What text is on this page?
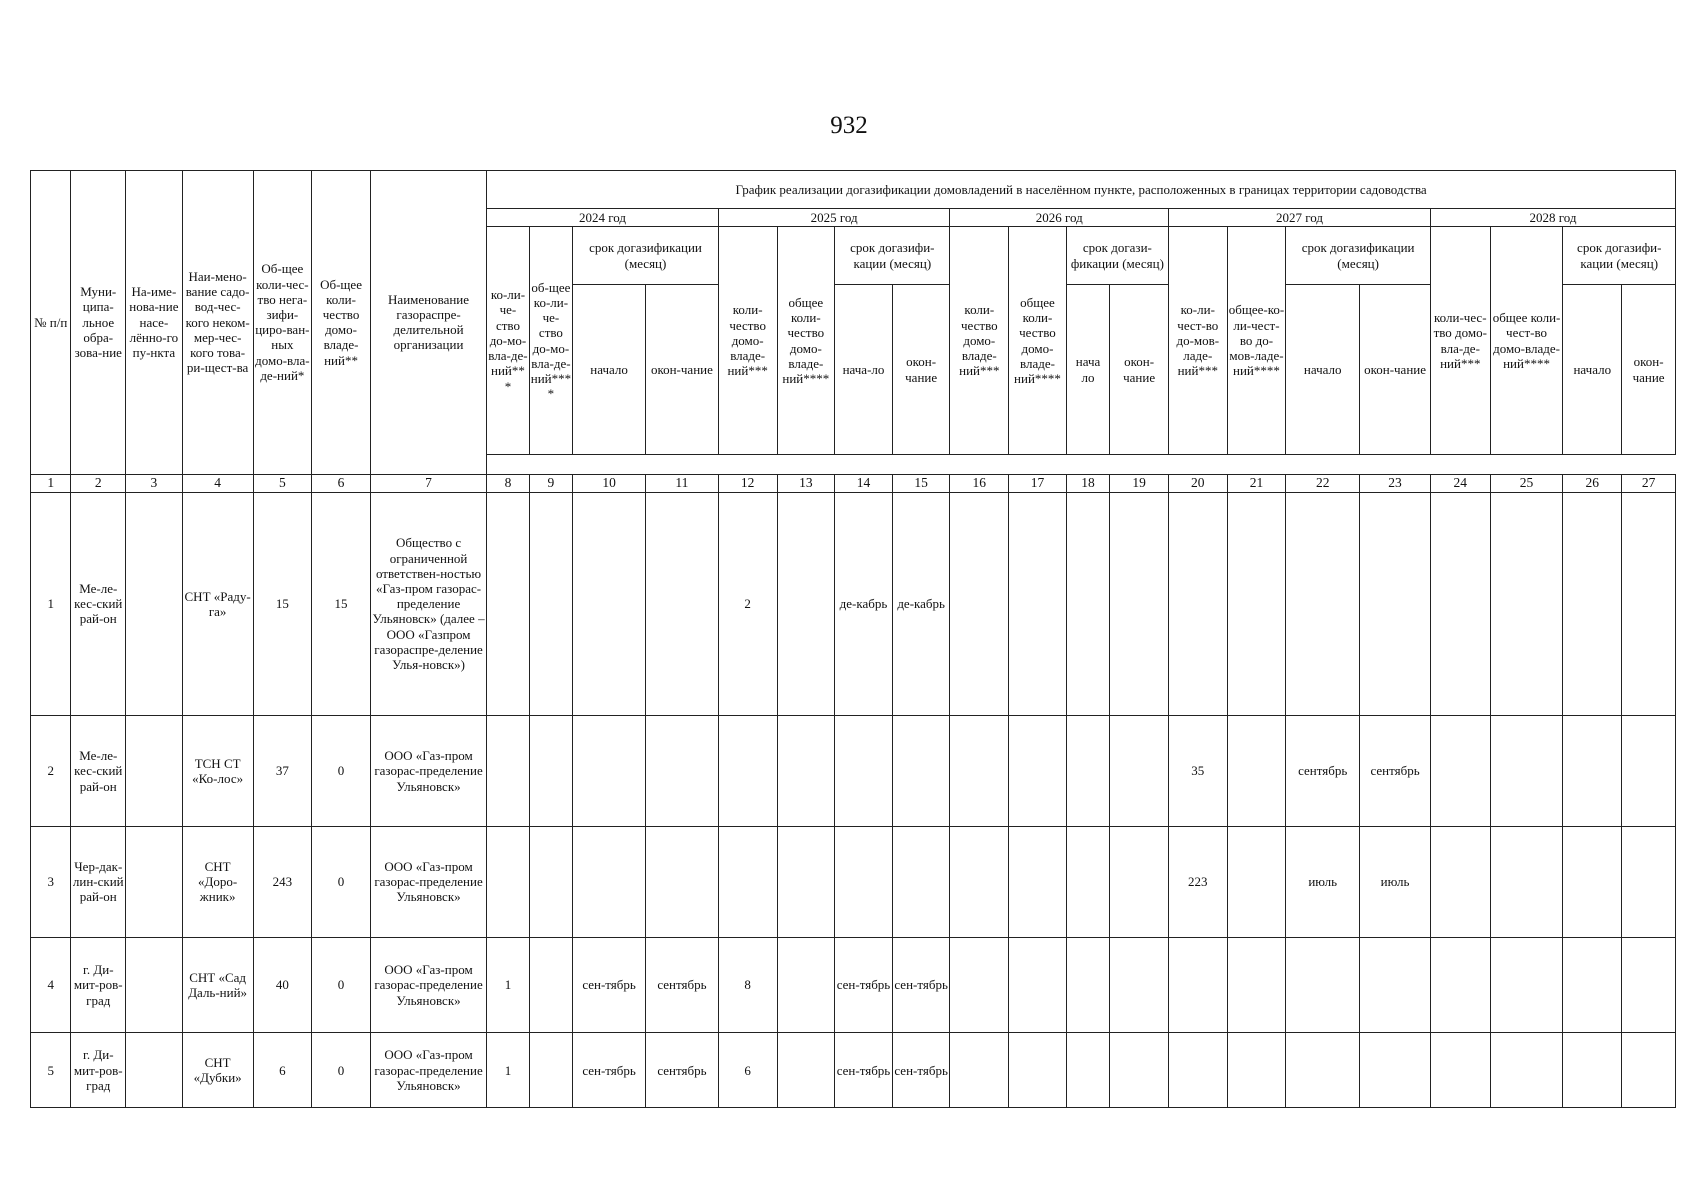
932
№ п/п	Муни-ципа-льное обра-зова-ние	На-име-нова-ние насе-лённо-го пу-нкта	Наи-мено-вание садо-вод-чес-кого неком-мер-чес-кого това-ри-щест-ва	Об-щее коли-чес-тво нега-зифи-циро-ван-ных домо-вла-де-ний*	Об-щее коли-чество домо-владе-ний**	Наименование газораспре-делительной организации	График реализации догазификации домовладений в населённом пункте, расположенных в границах территории садоводства																			
							2024 год				2025 год				2026 год				2027 год				2028 год			
							ко-ли-че-ство до-мо-вла-де-ний***	об-щее ко-ли-че-ство до-мо-вла-де-ний****	срок догазификации (месяц)		коли-чество домо-владе-ний***	общее коли-чество домо-владе-ний****	срок догазифи-кации (месяц)		коли-чество домо-владе-ний***	общее коли-чество домо-владе-ний****	срок догази-фикации (месяц)		ко-ли-чест-во до-мов-ладе-ний***	общее-ко-ли-чест-во до-мов-ладе-ний****	срок догазификации (месяц)		коли-чес-тво домо-вла-де-ний***	общее коли-чест-во домо-владе-ний****	срок догазифи-кации (месяц)	
									начало	окон-чание			нача-ло	окон-чание			нача ло	окон-чание			начало	окон-чание			начало	окон-чание

1	2	3	4	5	6	7	8	9	10	11	12	13	14	15	16	17	18	19	20	21	22	23	24	25	26	27
1	Ме-ле-кес-ский рай-он		СНТ «Раду-га»	15	15	Общество с ограниченной ответствен-ностью «Газ-пром газорас-пределение Ульяновск» (далее – ООО «Газпром газораспре-деление Улья-новск»)					2		де-кабрь	де-кабрь												
2	Ме-ле-кес-ский рай-он		ТСН СТ «Ко-лос»	37	0	ООО «Газ-пром газорас-пределение Ульяновск»													35		сентябрь	сентябрь				
3	Чер-дак-лин-ский рай-он		СНТ «Доро-жник»	243	0	ООО «Газ-пром газорас-пределение Ульяновск»													223		июль	июль				
4	г. Ди-мит-ров-град		СНТ «Сад Даль-ний»	40	0	ООО «Газ-пром газорас-пределение Ульяновск»	1		сен-тябрь	сентябрь	8		сен-тябрь	сен-тябрь												
5	г. Ди-мит-ров-град		СНТ «Дубки»	6	0	ООО «Газ-пром газорас-пределение Ульяновск»	1		сен-тябрь	сентябрь	6		сен-тябрь	сен-тябрь												
